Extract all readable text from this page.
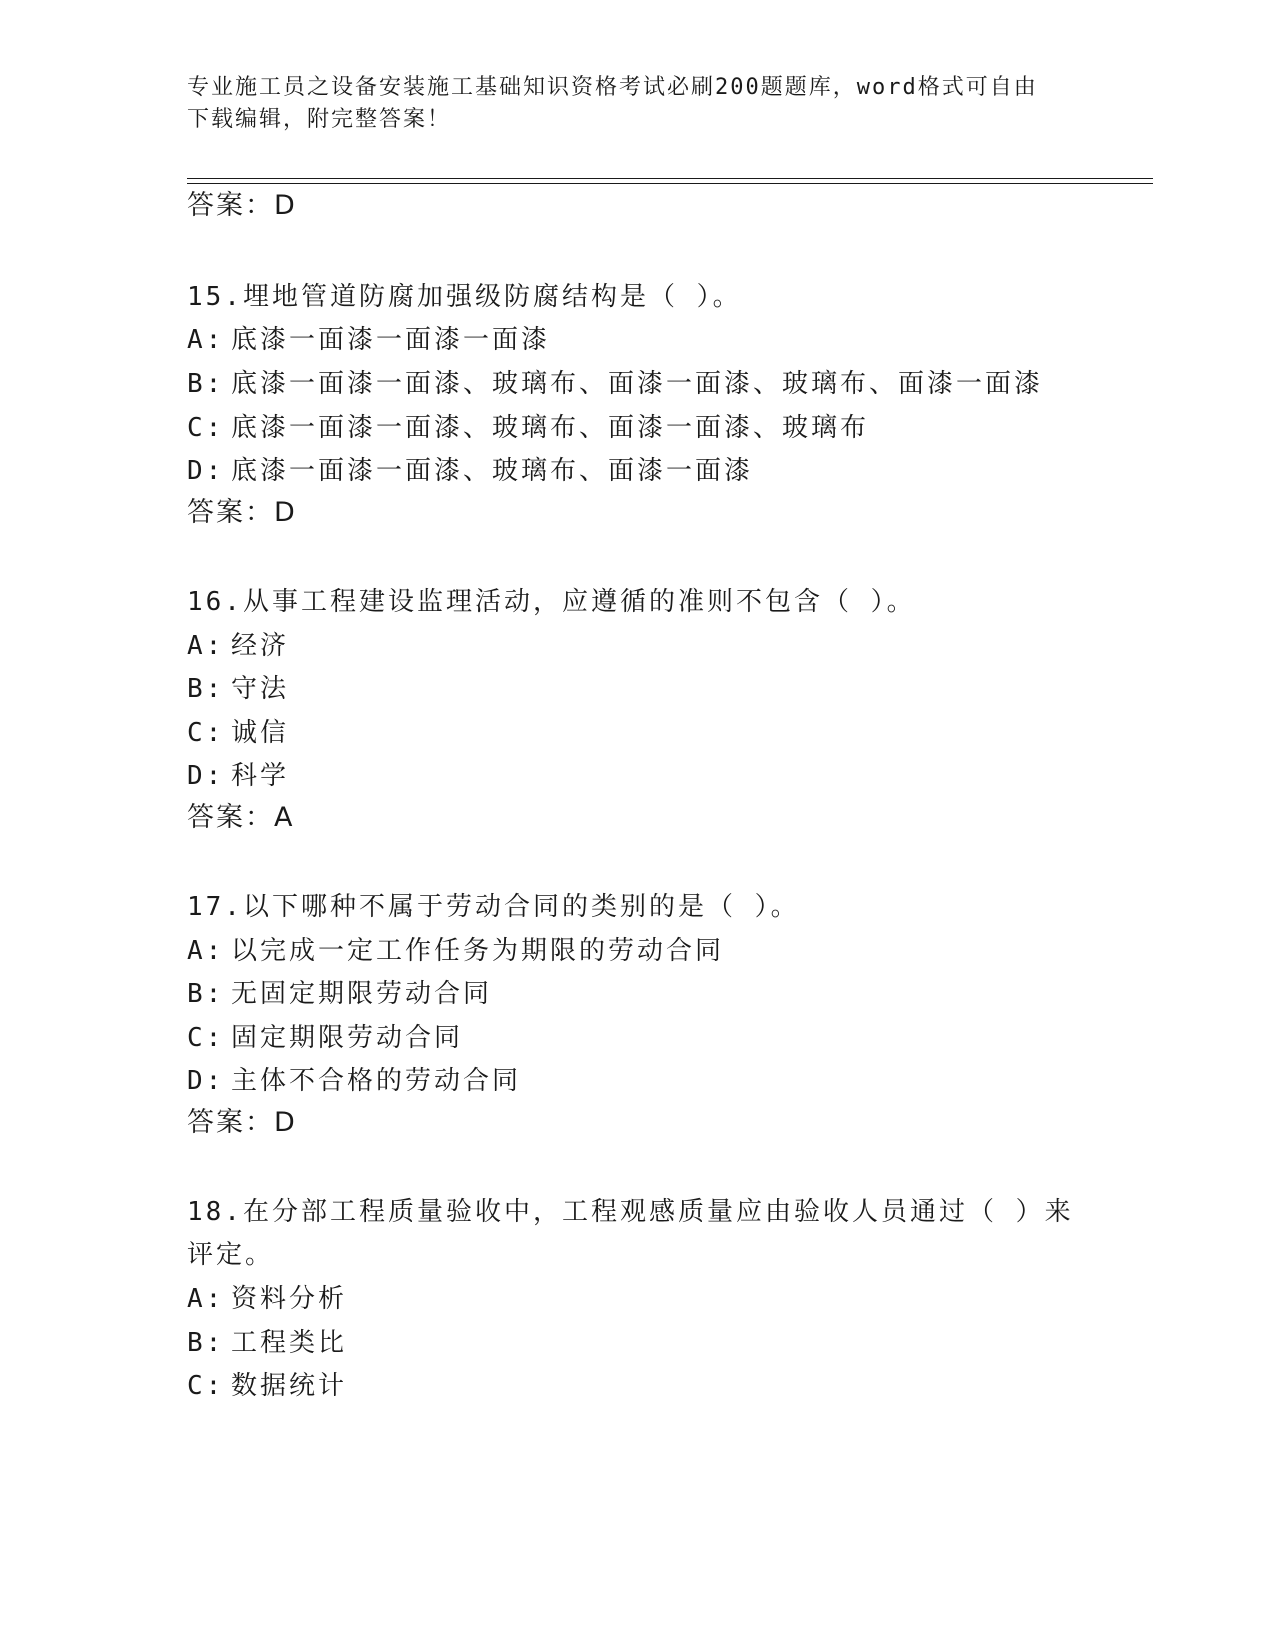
专业施工员之设备安装施工基础知识资格考试必刷200题题库，word格式可自由
下载编辑，附完整答案！
答案：D
15.埋地管道防腐加强级防腐结构是（ ）。
A: 底漆一面漆一面漆一面漆
B: 底漆一面漆一面漆、玻璃布、面漆一面漆、玻璃布、面漆一面漆
C: 底漆一面漆一面漆、玻璃布、面漆一面漆、玻璃布
D: 底漆一面漆一面漆、玻璃布、面漆一面漆
答案：D
16.从事工程建设监理活动，应遵循的准则不包含（ ）。
A: 经济
B: 守法
C: 诚信
D: 科学
答案：A
17.以下哪种不属于劳动合同的类别的是（ ）。
A: 以完成一定工作任务为期限的劳动合同
B: 无固定期限劳动合同
C: 固定期限劳动合同
D: 主体不合格的劳动合同
答案：D
18.在分部工程质量验收中，工程观感质量应由验收人员通过（ ）来
评定。
A: 资料分析
B: 工程类比
C: 数据统计
